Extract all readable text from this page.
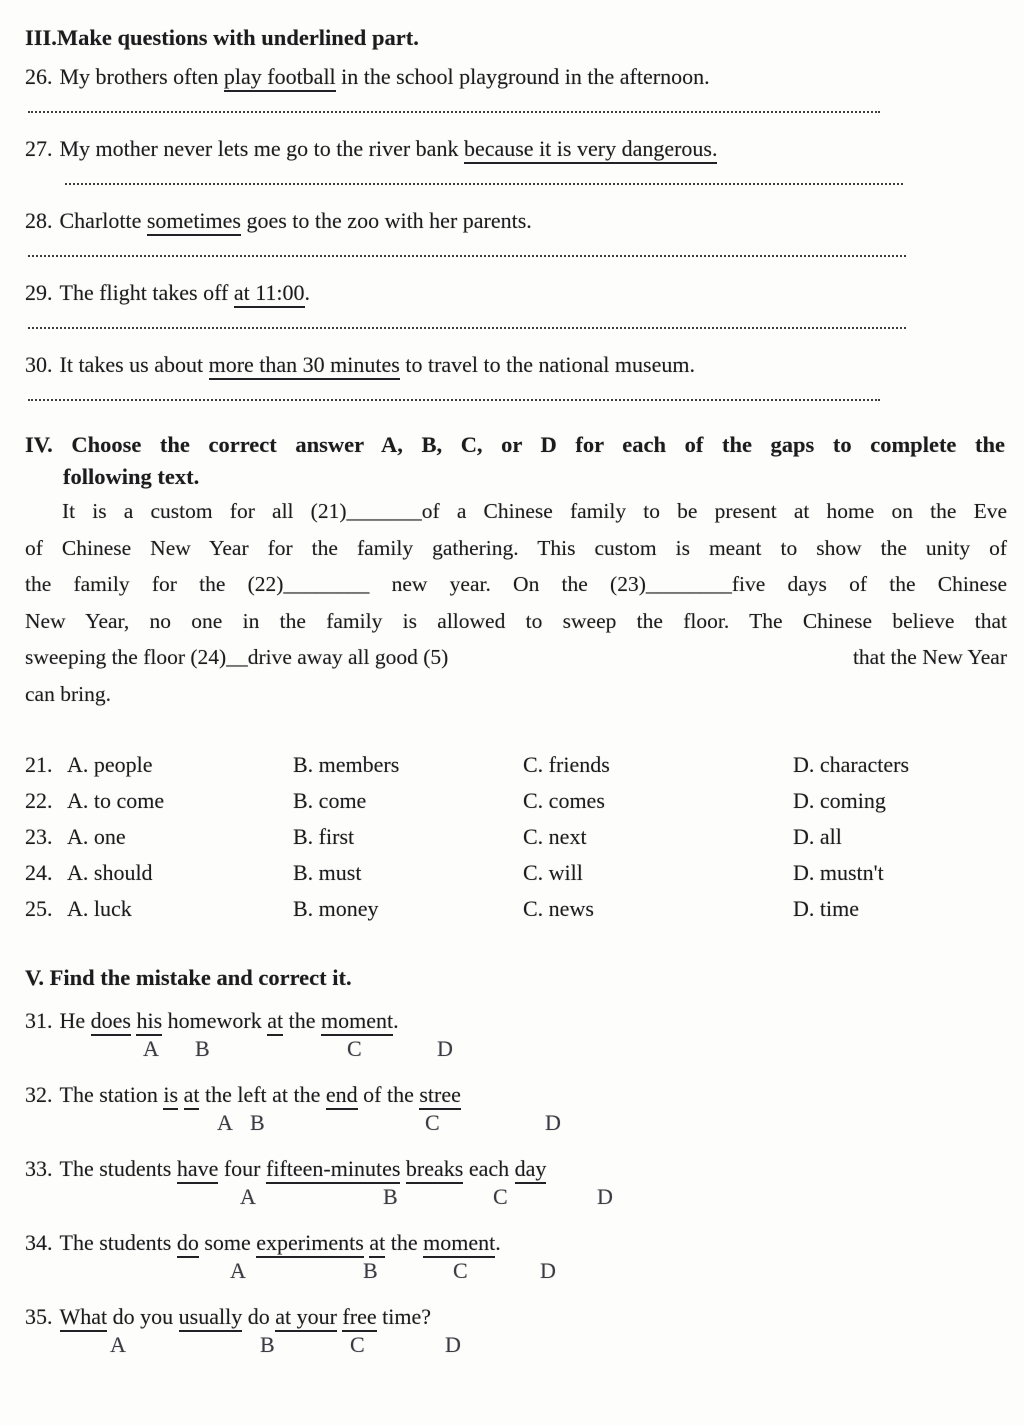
III.Make questions with underlined part.

26. My brothers often play football in the school playground in the afternoon.
27. My mother never lets me go to the river bank because it is very dangerous.
28. Charlotte sometimes goes to the zoo with her parents.
29. The flight takes off at 11:00.
30. It takes us about more than 30 minutes to travel to the national museum.

IV. Choose the correct answer A, B, C, or D for each of the gaps to complete the

following text.

It is a custom for all (21)_______of a Chinese family to be present at home on the Eve
of Chinese New Year for the family gathering. This custom is meant to show the unity of
the family for the (22)________ new year. On the (23)________five days of the Chinese
New Year, no one in the family is allowed to sweep the floor. The Chinese believe that
sweeping the floor (24)__drive away all good (5)	that the New Year
can bring.
21. A. people	B. members	C. friends	D. characters
22. A. to come	B. come	C. comes	D. coming
23. A. one	B. first	C. next	D. all
24. A. should	B. must	C. will	D. mustn't
25. A. luck	B. money	C. news	D. time

V. Find the mistake and correct it.

31. He does his homework at the moment.
A B	C	D
32. The station is at the left at the end of the stree
A B	C	D
33. The students have four fifteen-minutes breaks each day
A	B	C	D
34. The students do some experiments at the moment.
A	B	C	D
35. What do you usually do at your free time?
A	B	C	D
